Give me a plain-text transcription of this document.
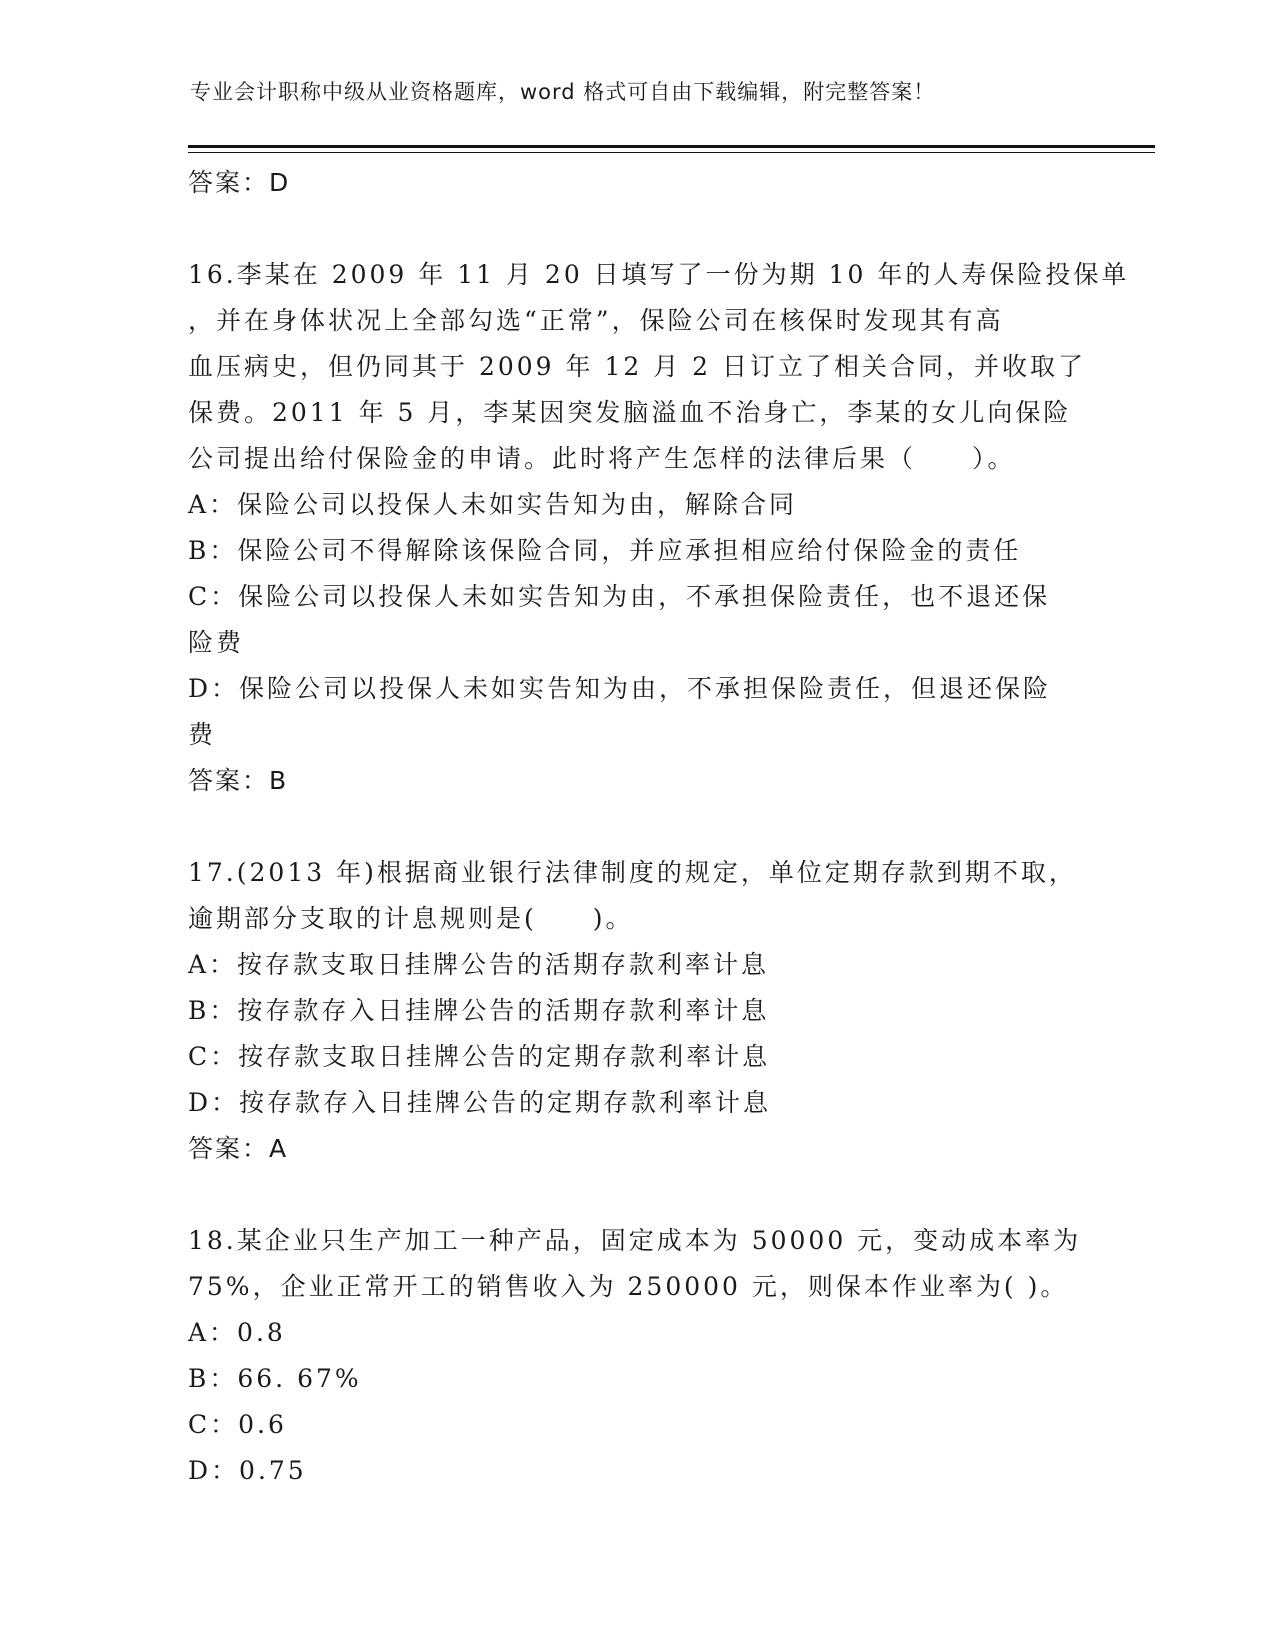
专业会计职称中级从业资格题库，word 格式可自由下载编辑，附完整答案！
答案：D
16.李某在 2009 年 11 月 20 日填写了一份为期 10 年的人寿保险投保单
，并在身体状况上全部勾选“正常”，保险公司在核保时发现其有高
血压病史，但仍同其于 2009 年 12 月 2 日订立了相关合同，并收取了
保费。2011 年 5 月，李某因突发脑溢血不治身亡，李某的女儿向保险
公司提出给付保险金的申请。此时将产生怎样的法律后果（　　）。
A：保险公司以投保人未如实告知为由，解除合同
B：保险公司不得解除该保险合同，并应承担相应给付保险金的责任
C：保险公司以投保人未如实告知为由，不承担保险责任，也不退还保
险费
D：保险公司以投保人未如实告知为由，不承担保险责任，但退还保险
费
答案：B
17.(2013 年)根据商业银行法律制度的规定，单位定期存款到期不取，
逾期部分支取的计息规则是(　　)。
A：按存款支取日挂牌公告的活期存款利率计息
B：按存款存入日挂牌公告的活期存款利率计息
C：按存款支取日挂牌公告的定期存款利率计息
D：按存款存入日挂牌公告的定期存款利率计息
答案：A
18.某企业只生产加工一种产品，固定成本为 50000 元，变动成本率为
75%，企业正常开工的销售收入为 250000 元，则保本作业率为( )。
A：0.8
B：66. 67%
C：0.6
D：0.75
